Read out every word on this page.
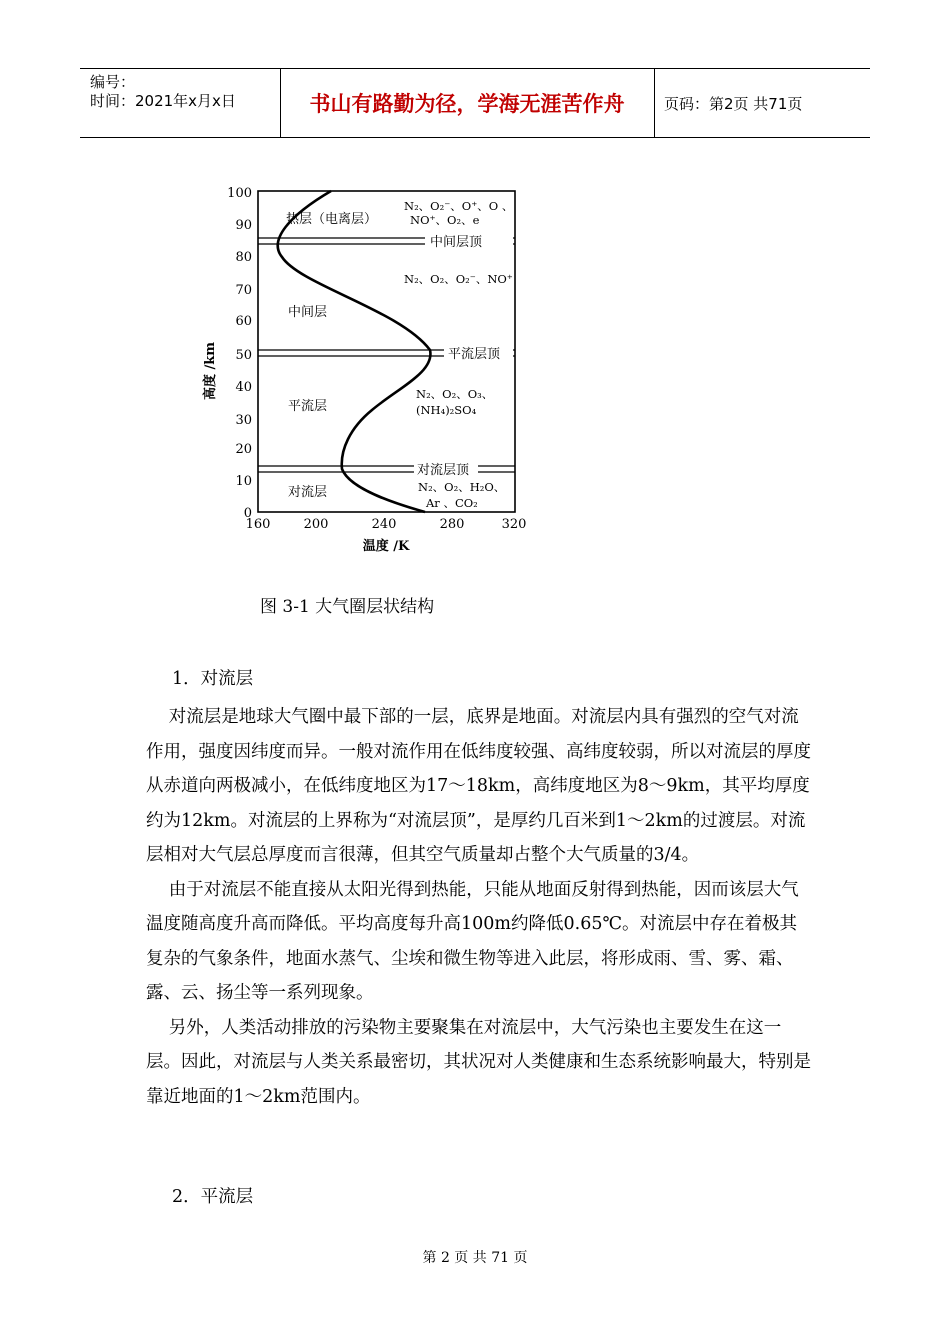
编号：
时间：2021年x月x日	书山有路勤为径，学海无涯苦作舟	页码：第2页 共71页
0
10
20
30
40
50
60
70
80
90
100
高度 /km
160	200	240	280	320
温度 /K
热层（电离层）
中间层
平流层
对流层
中间层顶
平流层顶
对流层顶
N₂、O₂⁻、O⁺、O 、
NO⁺、O₂、e
N₂、O₂、O₂⁻、NO⁺
N₂、O₂、O₃、
(NH₄)₂SO₄
N₂、O₂、H₂O、
Ar 、CO₂
图 3-1 大气圈层状结构
1．对流层

对流层是地球大气圈中最下部的一层，底界是地面。对流层内具有强烈的空气对流作用，强度因纬度而异。一般对流作用在低纬度较强、高纬度较弱，所以对流层的厚度从赤道向两极减小，在低纬度地区为17～18km，高纬度地区为8～9km，其平均厚度约为12km。对流层的上界称为“对流层顶”，是厚约几百米到1～2km的过渡层。对流层相对大气层总厚度而言很薄，但其空气质量却占整个大气质量的3/4。

由于对流层不能直接从太阳光得到热能，只能从地面反射得到热能，因而该层大气温度随高度升高而降低。平均高度每升高100m约降低0.65℃。对流层中存在着极其复杂的气象条件，地面水蒸气、尘埃和微生物等进入此层，将形成雨、雪、雾、霜、露、云、扬尘等一系列现象。

另外，人类活动排放的污染物主要聚集在对流层中，大气污染也主要发生在这一层。因此，对流层与人类关系最密切，其状况对人类健康和生态系统影响最大，特别是靠近地面的1～2km范围内。

2．平流层
第 2 页 共 71 页
